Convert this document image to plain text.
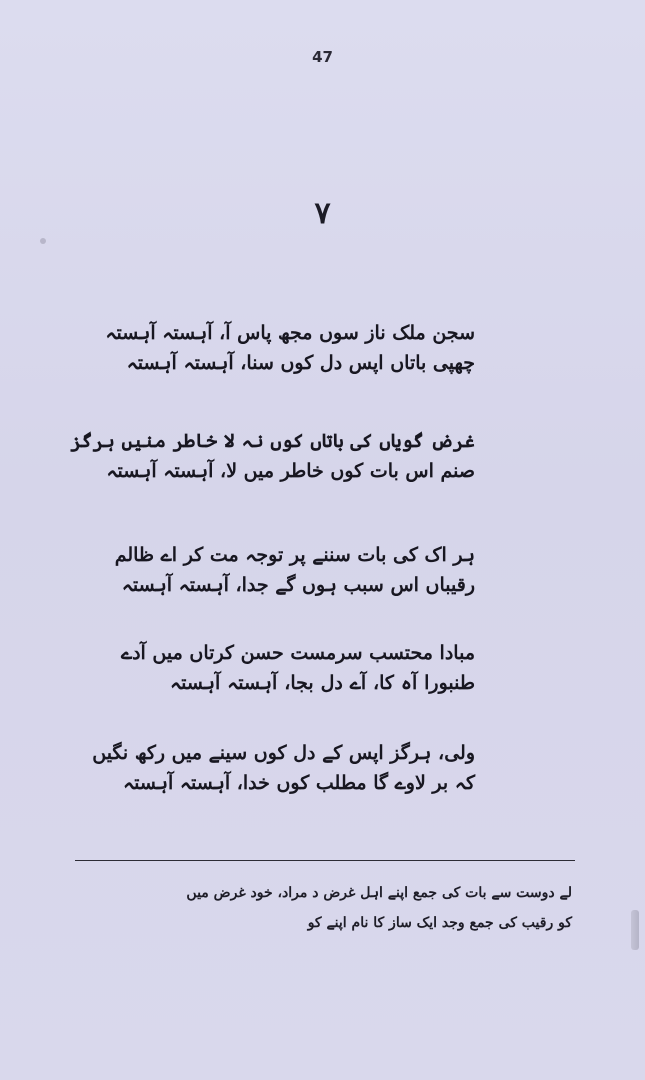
47
۷
سجن ملک ناز سوں مجھ پاس آ، آہستہ آہستہ
چھپی باتاں اپس دل کوں سنا، آہستہ آہستہ
غرض گویاں کی باتاں کوں نہ لا خاطر منیں ہرگز
صنم اس بات کوں خاطر میں لا، آہستہ آہستہ
ہر اک کی بات سننے پر توجہ مت کر اے ظالم
رقیباں اس سبب ہوں گے جدا، آہستہ آہستہ
مبادا محتسب سرمست حسن کرتاں میں آدے
طنبورا آہ کا، آے دل بجا، آہستہ آہستہ
ولی، ہرگز اپس کے دل کوں سینے میں رکھ نگیں
کہ بر لاوے گا مطلب کوں خدا، آہستہ آہستہ
لے دوست سے بات کی جمع اپنے اہل غرض د مراد، خود غرض میں
کو رقیب کی جمع وجد ایک ساز کا نام اپنے کو
